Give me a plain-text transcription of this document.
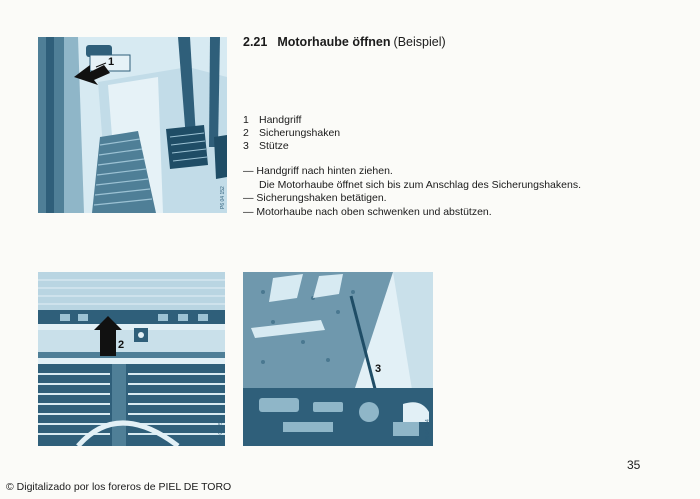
1
P6 04 152
2.21 Motorhaube öffnen (Beispiel)
1 Handgriff
2 Sicherungshaken
3 Stütze
— Handgriff nach hinten ziehen.
Die Motorhaube öffnet sich bis zum Anschlag des Sicherungshakens.
— Sicherungshaken betätigen.
— Motorhaube nach oben schwenken und abstützen.
2
P6 04 153
3
P6 04 154
35
© Digitalizado por los foreros de PIEL DE TORO
